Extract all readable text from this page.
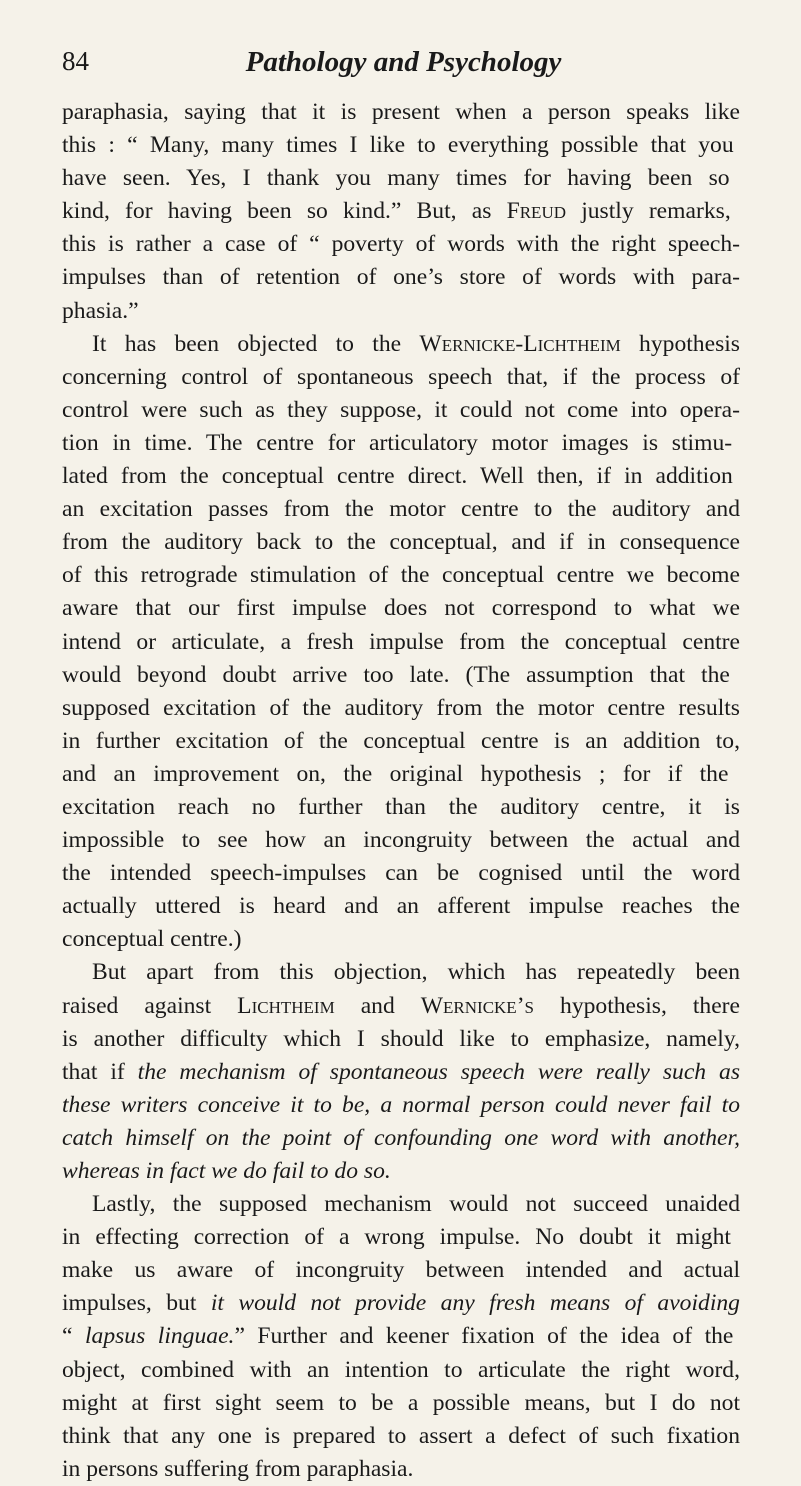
84	Pathology and Psychology
paraphasia, saying that it is present when a person speaks like
this : “ Many, many times I like to everything possible that you
have seen. Yes, I thank you many times for having been so
kind, for having been so kind.” But, as Freud justly remarks,
this is rather a case of “ poverty of words with the right speech-
impulses than of retention of one’s store of words with para-
phasia.”
It has been objected to the Wernicke-Lichtheim hypothesis
concerning control of spontaneous speech that, if the process of
control were such as they suppose, it could not come into opera-
tion in time. The centre for articulatory motor images is stimu-
lated from the conceptual centre direct. Well then, if in addition
an excitation passes from the motor centre to the auditory and
from the auditory back to the conceptual, and if in consequence
of this retrograde stimulation of the conceptual centre we become
aware that our first impulse does not correspond to what we
intend or articulate, a fresh impulse from the conceptual centre
would beyond doubt arrive too late. (The assumption that the
supposed excitation of the auditory from the motor centre results
in further excitation of the conceptual centre is an addition to,
and an improvement on, the original hypothesis ; for if the
excitation reach no further than the auditory centre, it is
impossible to see how an incongruity between the actual and
the intended speech-impulses can be cognised until the word
actually uttered is heard and an afferent impulse reaches the
conceptual centre.)
But apart from this objection, which has repeatedly been
raised against Lichtheim and Wernicke’s hypothesis, there
is another difficulty which I should like to emphasize, namely,
that if the mechanism of spontaneous speech were really such as
these writers conceive it to be, a normal person could never fail to
catch himself on the point of confounding one word with another,
whereas in fact we do fail to do so.
Lastly, the supposed mechanism would not succeed unaided
in effecting correction of a wrong impulse. No doubt it might
make us aware of incongruity between intended and actual
impulses, but it would not provide any fresh means of avoiding
“ lapsus linguae.” Further and keener fixation of the idea of the
object, combined with an intention to articulate the right word,
might at first sight seem to be a possible means, but I do not
think that any one is prepared to assert a defect of such fixation
in persons suffering from paraphasia.
